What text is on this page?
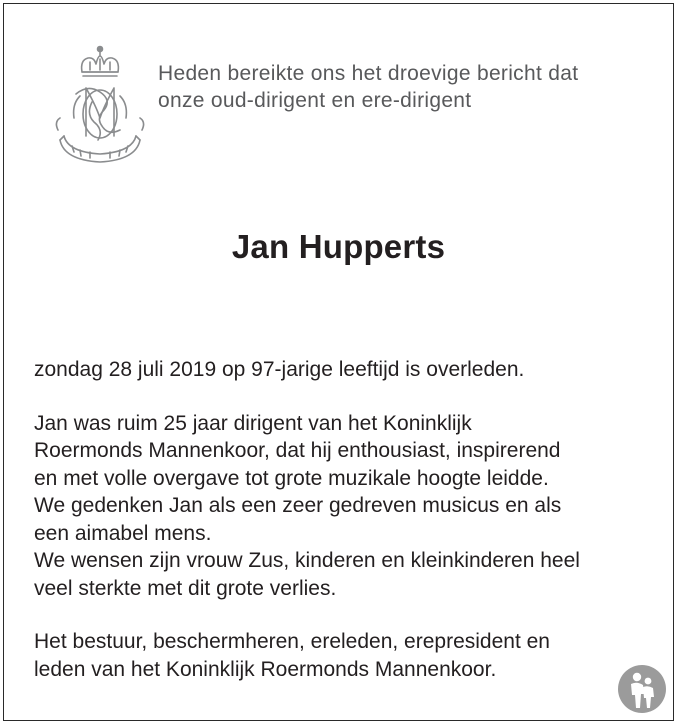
Heden bereikte ons het droevige bericht dat
onze oud-dirigent en ere-dirigent
Jan Hupperts

zondag 28 juli 2019 op 97-jarige leeftijd is overleden.

Jan was ruim 25 jaar dirigent van het Koninklijk
Roermonds Mannenkoor, dat hij enthousiast, inspirerend
en met volle overgave tot grote muzikale hoogte leidde.
We gedenken Jan als een zeer gedreven musicus en als
een aimabel mens.
We wensen zijn vrouw Zus, kinderen en kleinkinderen heel
veel sterkte met dit grote verlies.
Het bestuur, beschermheren, ereleden, erepresident en
leden van het Koninklijk Roermonds Mannenkoor.
